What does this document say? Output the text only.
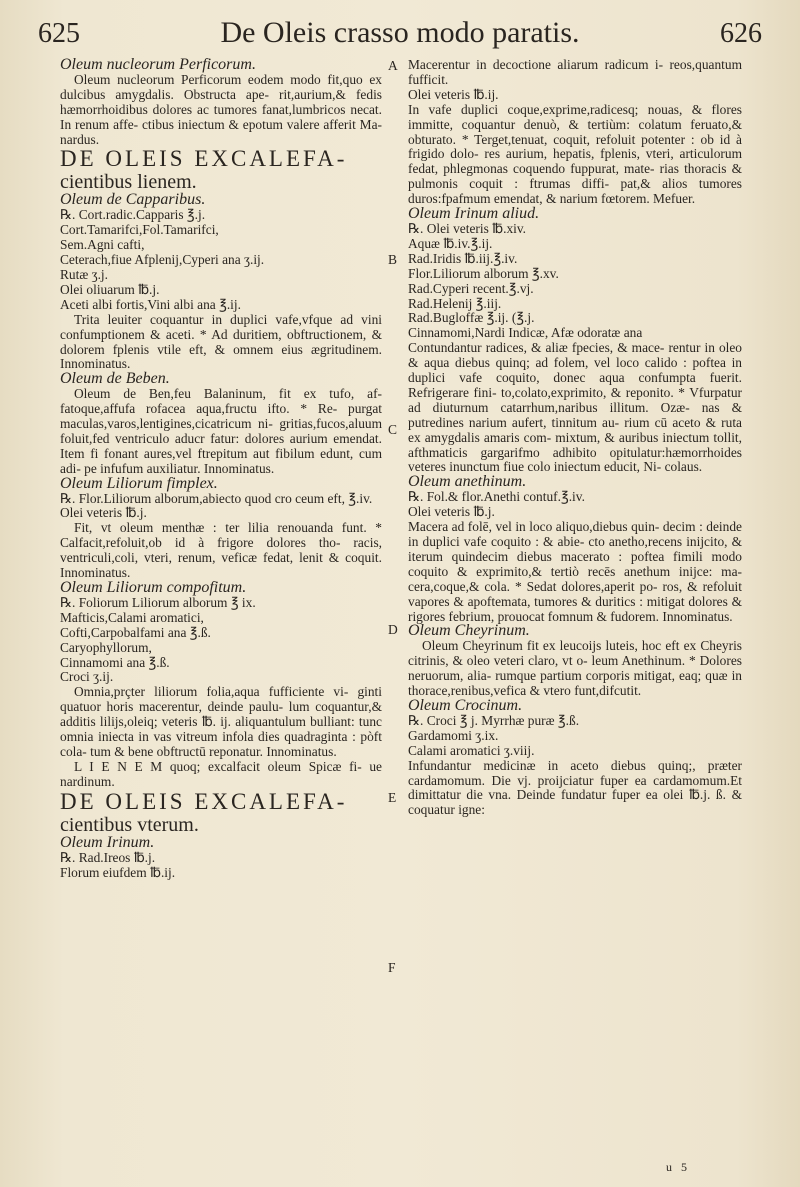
625	De Oleis crasso modo paratis.	626

Oleum nucleorum Perficorum.

Oleum nucleorum Perficorum eodem modo fit,quo ex dulcibus amygdalis. Obstructa ape- rit,aurium,& fedis hæmorrhoidibus dolores ac tumores fanat,lumbricos necat. In renum affe- ctibus iniectum & epotum valere afferit Ma- nardus.

DE OLEIS EXCALEFA-

cientibus lienem.

Oleum de Capparibus.

℞. Cort.radic.Capparis ℥.j.

Cort.Tamarifci,Fol.Tamarifci,

Sem.Agni cafti,

Ceterach,fiue Afplenij,Cyperi ana ʒ.ij.

Rutæ ʒ.j.

Olei oliuarum ℔.j.

Aceti albi fortis,Vini albi ana ℥.ij.

Trita leuiter coquantur in duplici vafe,vfque ad vini confumptionem & aceti. * Ad duritiem, obftructionem, & dolorem fplenis vtile eft, & omnem eius ægritudinem. Innominatus.

Oleum de Beben.

Oleum de Ben,feu Balaninum, fit ex tufo, af- fatoque,affufa rofacea aqua,fructu ifto. * Re- purgat maculas,varos,lentigines,cicatricum ni- gritias,fucos,aluum foluit,fed ventriculo aducr fatur: dolores aurium emendat. Item fi fonant aures,vel ftrepitum aut fibilum edunt, cum adi- pe infufum auxiliatur. Innominatus.

Oleum Liliorum fimplex.

℞. Flor.Liliorum alborum,abiecto quod cro ceum eft, ℥.iv.

Olei veteris ℔.j.

Fit, vt oleum menthæ : ter lilia renouanda funt. * Calfacit,refoluit,ob id à frigore dolores tho- racis, ventriculi,coli, vteri, renum, veficæ fedat, lenit & coquit. Innominatus.

Oleum Liliorum compofitum.

℞. Foliorum Liliorum alborum ℥ ix.

Mafticis,Calami aromatici,

Cofti,Carpobalfami ana ℥.ß.

Caryophyllorum,

Cinnamomi ana ℥.ß.

Croci ʒ.ij.

Omnia,prçter liliorum folia,aqua fufficiente vi- ginti quatuor horis macerentur, deinde paulu- lum coquantur,& additis lilijs,oleiq; veteris ℔. ij. aliquantulum bulliant: tunc omnia iniecta in vas vitreum infola dies quadraginta : pòft cola- tum & bene obftructū reponatur. Innominatus.

L I E N E M quoq; excalfacit oleum Spicæ fi- ue nardinum.

DE OLEIS EXCALEFA-

cientibus vterum.

Oleum Irinum.

℞. Rad.Ireos ℔.j.

Florum eiufdem ℔.ij.

Macerentur in decoctione aliarum radicum i- reos,quantum fufficit.

Olei veteris ℔.ij.

In vafe duplici coque,exprime,radicesq; nouas, & flores immitte, coquantur denuò, & tertiùm: colatum feruato,& obturato. * Terget,tenuat, coquit, refoluit potenter : ob id à frigido dolo- res aurium, hepatis, fplenis, vteri, articulorum fedat, phlegmonas coquendo fuppurat, mate- rias thoracis & pulmonis coquit : ftrumas diffi- pat,& alios tumores duros:fpafmum emendat, & narium fœtorem. Mefuer.

Oleum Irinum aliud.

℞. Olei veteris ℔.xiv.

Aquæ ℔.iv.℥.ij.

Rad.Iridis ℔.iij.℥.iv.

Flor.Liliorum alborum ℥.xv.

Rad.Cyperi recent.℥.vj.

Rad.Helenij ℥.iij.

Rad.Bugloffæ ℥.ij. (℥.j.

Cinnamomi,Nardi Indicæ, Afæ odoratæ ana

Contundantur radices, & aliæ fpecies, & mace- rentur in oleo & aqua diebus quinq; ad folem, vel loco calido : poftea in duplici vafe coquito, donec aqua confumpta fuerit. Refrigerare fini- to,colato,exprimito, & reponito. * Vfurpatur ad diuturnum catarrhum,naribus illitum. Ozæ- nas & putredines narium aufert, tinnitum au- rium cū aceto & ruta ex amygdalis amaris com- mixtum, & auribus iniectum tollit, afthmaticis gargarifmo adhibito opitulatur:hæmorrhoides veteres inunctum fiue colo iniectum educit, Ni- colaus.

Oleum anethinum.

℞. Fol.& flor.Anethi contuf.℥.iv.

Olei veteris ℔.j.

Macera ad folē, vel in loco aliquo,diebus quin- decim : deinde in duplici vafe coquito : & abie- cto anetho,recens inijcito, & iterum quindecim diebus macerato : poftea fimili modo coquito & exprimito,& tertiò recēs anethum inijce: ma- cera,coque,& cola. * Sedat dolores,aperit po- ros, & refoluit vapores & apoftemata, tumores & duritics : mitigat dolores & rigores febrium, prouocat fomnum & fudorem. Innominatus.

Oleum Cheyrinum.

Oleum Cheyrinum fit ex leucoijs luteis, hoc eft ex Cheyris citrinis, & oleo veteri claro, vt o- leum Anethinum. * Dolores neruorum, alia- rumque partium corporis mitigat, eaq; quæ in thorace,renibus,vefica & vtero funt,difcutit.

Oleum Crocinum.

℞. Croci ℥ j. Myrrhæ puræ ℥.ß.

Gardamomi ʒ.ix.

Calami aromatici ʒ.viij.

Infundantur medicinæ in aceto diebus quinq;, præter cardamomum. Die vj. proijciatur fuper ea cardamomum.Et dimittatur die vna. Deinde fundatur fuper ea olei ℔.j. ß. & coquatur igne:

A
B
C
D
E
F
u 5
